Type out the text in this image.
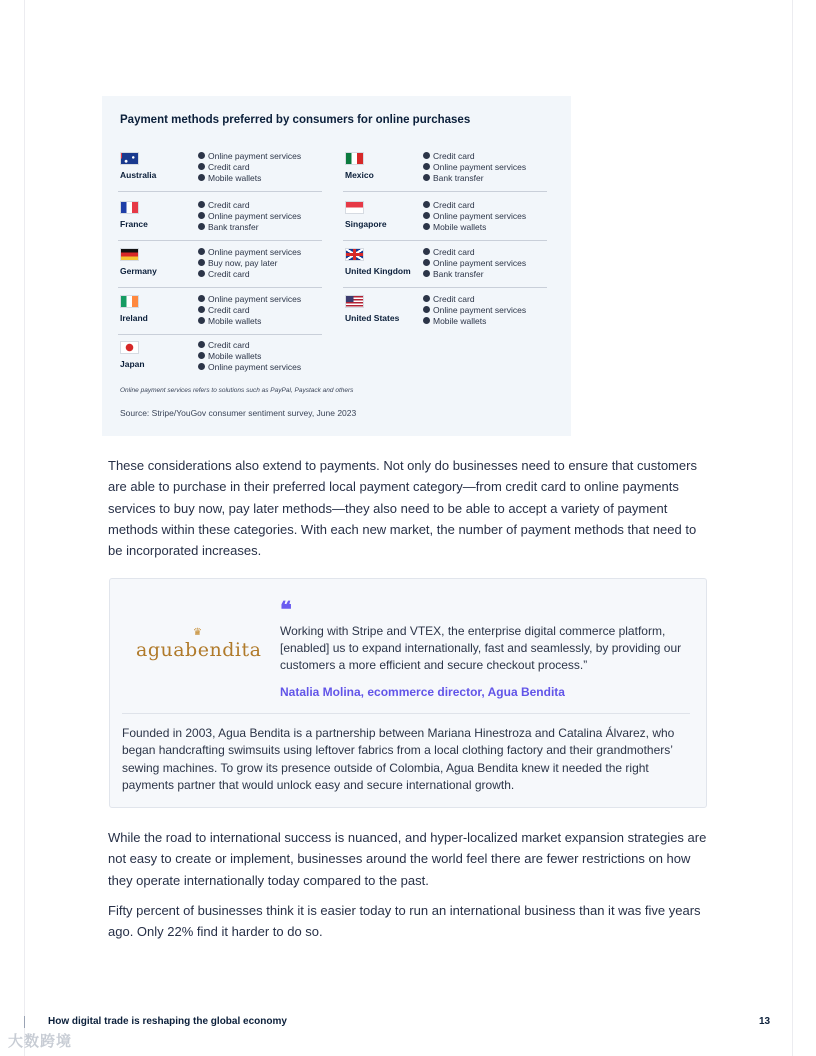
Payment methods preferred by consumers for online purchases
Australia
Online payment services
Credit card
Mobile wallets	Mexico
Credit card
Online payment services
Bank transfer
France
Credit card
Online payment services
Bank transfer	Singapore
Credit card
Online payment services
Mobile wallets
Germany
Online payment services
Buy now, pay later
Credit card	United Kingdom
Credit card
Online payment services
Bank transfer
Ireland
Online payment services
Credit card
Mobile wallets	United States
Credit card
Online payment services
Mobile wallets
Japan
Credit card
Mobile wallets
Online payment services
Online payment services refers to solutions such as PayPal, Paystack and others
Source: Stripe/YouGov consumer sentiment survey, June 2023

These considerations also extend to payments. Not only do businesses need to ensure that customers are able to purchase in their preferred local payment category—from credit card to online payments services to buy now, pay later methods—they also need to be able to accept a variety of payment methods within these categories. With each new market, the number of payment methods that need to be incorporated increases.

♛
aguabendita
❝

Working with Stripe and VTEX, the enterprise digital commerce platform, [enabled] us to expand internationally, fast and seamlessly, by providing our customers a more efficient and secure checkout process.”

Natalia Molina, ecommerce director, Agua Bendita

Founded in 2003, Agua Bendita is a partnership between Mariana Hinestroza and Catalina Álvarez, who began handcrafting swimsuits using leftover fabrics from a local clothing factory and their grandmothers’ sewing machines. To grow its presence outside of Colombia, Agua Bendita knew it needed the right payments partner that would unlock easy and secure international growth.

While the road to international success is nuanced, and hyper-localized market expansion strategies are not easy to create or implement, businesses around the world feel there are fewer restrictions on how they operate internationally today compared to the past.

Fifty percent of businesses think it is easier today to run an international business than it was five years ago. Only 22% find it harder to do so.

How digital trade is reshaping the global economy	13
大数跨境
